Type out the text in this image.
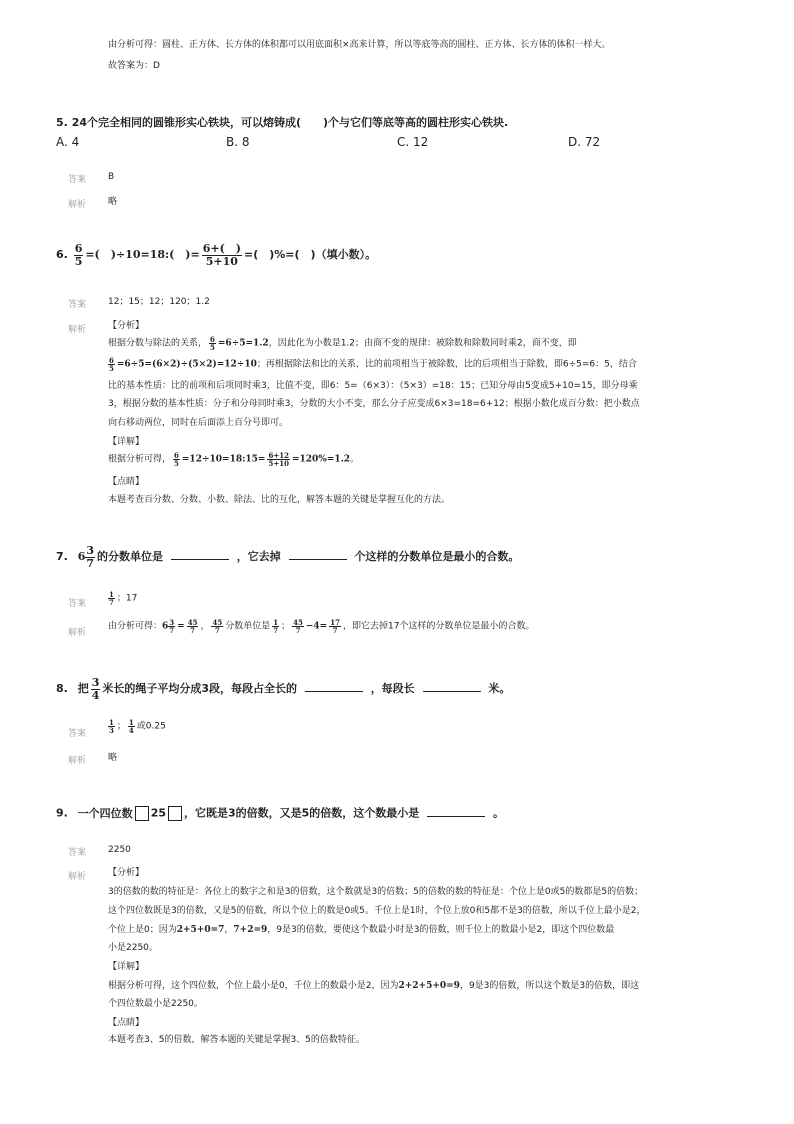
由分析可得：圆柱、正方体、长方体的体积都可以用底面积×高来计算，所以等底等高的圆柱、正方体、长方体的体积一样大。
故答案为：D
5. 24个完全相同的圆锥形实心铁块，可以熔铸成(　　)个与它们等底等高的圆柱形实心铁块.
A. 4	B. 8	C. 12	D. 72
答案 B
解析 略
6. $\frac{6}{5}$ =(　)÷10=18:(　)= $\frac{6+( )}{5+10}$ =(　)%=(　)（填小数）。
答案 12；15；12；120；1.2
解析 【分析】
根据分数与除法的关系， $\frac{6}{5} =6\div 5=1.2$，因此化为小数是1.2；由商不变的规律：被除数和除数同时乘2，商不变，即
$\frac{6}{5} =6\div 5=(6\times 2)\div(5\times 2)=12\div 10$；再根据除法和比的关系，比的前项相当于被除数，比的后项相当于除数，即6÷5=6：5，结合
比的基本性质：比的前项和后项同时乘3，比值不变，即6：5=（6×3）：（5×3）=18：15；已知分母由5变成5+10=15，即分母乘
3，根据分数的基本性质：分子和分母同时乘3，分数的大小不变，那么分子应变成6×3=18=6+12；根据小数化成百分数：把小数点
向右移动两位，同时在后面添上百分号即可。
【详解】
根据分析可得， $\frac{6}{5}$ =12÷10=18:15= $\frac{6+12}{5+10} =120\%=1.2$。
【点睛】
本题考查百分数、分数、小数、除法、比的互化，解答本题的关键是掌握互化的方法。
7. $6 \frac{3}{7}$ 的分数单位是	，它去掉	个这样的分数单位是最小的合数。
答案	$\frac{1}{7}$ ；17
解析
由分析可得：$6 \frac{3}{7} = \frac{45}{7}$ ， $\frac{45}{7}$ 分数单位是 $\frac{1}{7}$ ； $\frac{45}{7} -4= \frac{17}{7}$ ，即它去掉17个这样的分数单位是最小的合数。
8. 把 $\frac{3}{4}$ 米长的绳子平均分成3段，每段占全长的	，每段长	米。
答案	$\frac{1}{3}$ ； $\frac{1}{4}$ 或0.25
解析 略
9. 一个四位数 25 ，它既是3的倍数，又是5的倍数，这个数最小是	。
答案 2250
解析 【分析】
3的倍数的数的特征是：各位上的数字之和是3的倍数，这个数就是3的倍数；5的倍数的数的特征是：个位上是0或5的数都是5的倍数；
这个四位数既是3的倍数，又是5的倍数，所以个位上的数是0或5。千位上是1时，个位上放0和5都不是3的倍数，所以千位上最小是2，
个位上是0；因为2+5+0=7，7+2=9，9是3的倍数，要使这个数最小时是3的倍数，则千位上的数最小是2，即这个四位数最
小是2250。
【详解】
根据分析可得，这个四位数，个位上最小是0，千位上的数最小是2，因为2+2+5+0=9，9是3的倍数，所以这个数是3的倍数，即这
个四位数最小是2250。
【点睛】
本题考查3、5的倍数，解答本题的关键是掌握3、5的倍数特征。
